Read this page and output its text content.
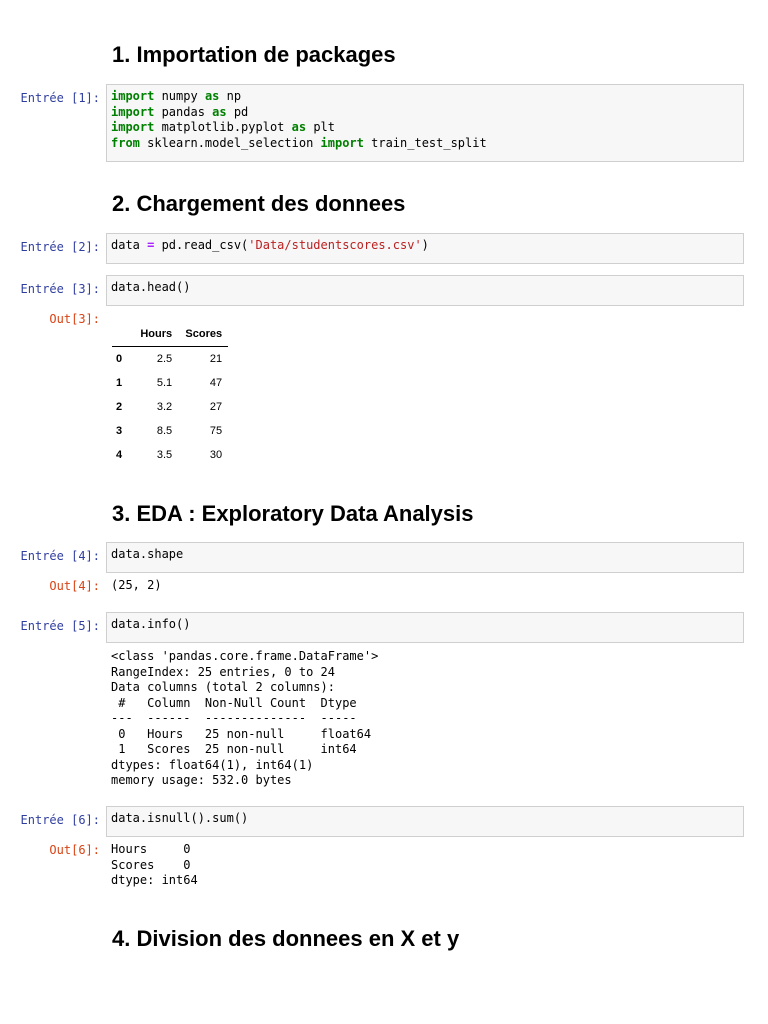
1. Importation de packages
Entrée [1]: import numpy as np
import pandas as pd
import matplotlib.pyplot as plt
from sklearn.model_selection import train_test_split
2. Chargement des donnees
Entrée [2]: data = pd.read_csv('Data/studentscores.csv')
Entrée [3]: data.head()
Out[3]:
	Hours	Scores
0	2.5	21
1	5.1	47
2	3.2	27
3	8.5	75
4	3.5	30
3. EDA : Exploratory Data Analysis
Entrée [4]: data.shape
Out[4]: (25, 2)
Entrée [5]: data.info()
<class 'pandas.core.frame.DataFrame'>
RangeIndex: 25 entries, 0 to 24
Data columns (total 2 columns):
#   Column  Non-Null Count  Dtype
---  ------  --------------  -----
0   Hours   25 non-null     float64
1   Scores  25 non-null     int64
dtypes: float64(1), int64(1)
memory usage: 532.0 bytes
Entrée [6]: data.isnull().sum()
Out[6]: Hours     0
Scores    0
dtype: int64
4. Division des donnees en X et y
